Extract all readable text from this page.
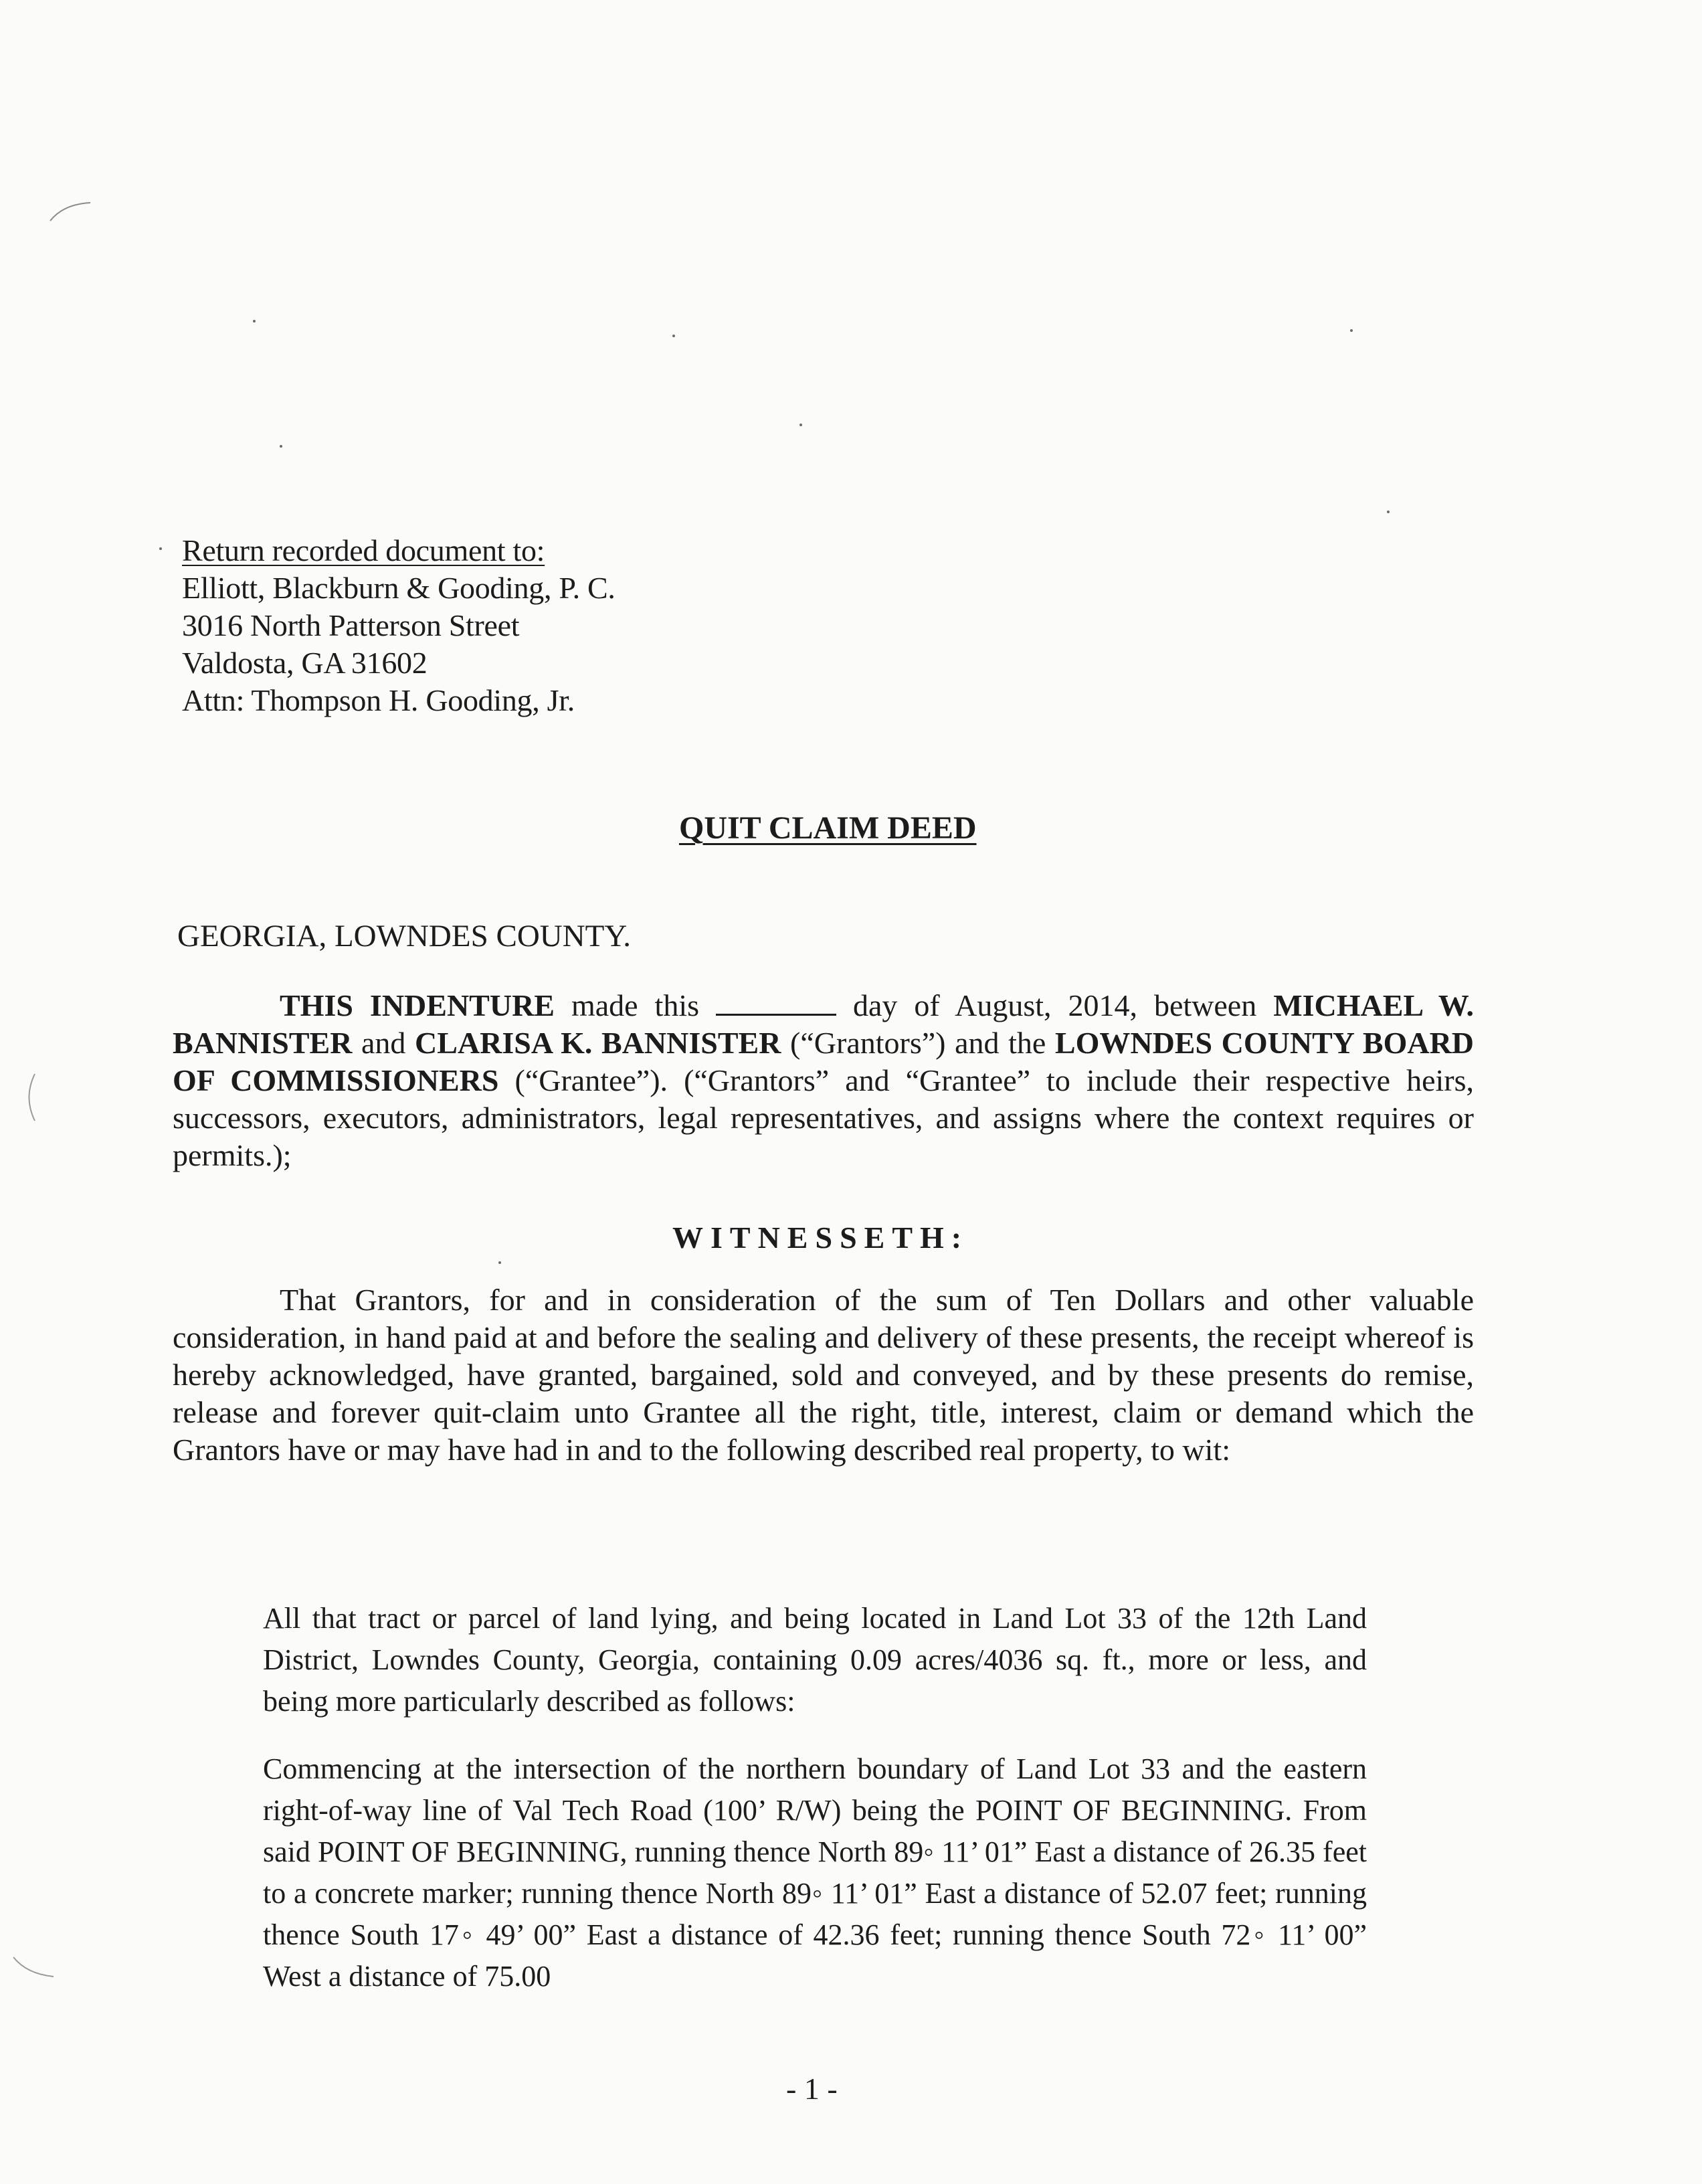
Return recorded document to:
Elliott, Blackburn & Gooding, P. C.
3016 North Patterson Street
Valdosta, GA 31602
Attn: Thompson H. Gooding, Jr.
QUIT CLAIM DEED
GEORGIA, LOWNDES COUNTY.
THIS INDENTURE made this	day of August, 2014, between MICHAEL W. BANNISTER and CLARISA K. BANNISTER (“Grantors”) and the LOWNDES COUNTY BOARD OF COMMISSIONERS (“Grantee”). (“Grantors” and “Grantee” to include their respective heirs, successors, executors, administrators, legal representatives, and assigns where the context requires or permits.);
WITNESSETH:
That Grantors, for and in consideration of the sum of Ten Dollars and other valuable consideration, in hand paid at and before the sealing and delivery of these presents, the receipt whereof is hereby acknowledged, have granted, bargained, sold and conveyed, and by these presents do remise, release and forever quit-claim unto Grantee all the right, title, interest, claim or demand which the Grantors have or may have had in and to the following described real property, to wit:
All that tract or parcel of land lying, and being located in Land Lot 33 of the 12th Land District, Lowndes County, Georgia, containing 0.09 acres/4036 sq. ft., more or less, and being more particularly described as follows:
Commencing at the intersection of the northern boundary of Land Lot 33 and the eastern right-of-way line of Val Tech Road (100’ R/W) being the POINT OF BEGINNING. From said POINT OF BEGINNING, running thence North 89◦ 11’ 01” East a distance of 26.35 feet to a concrete marker; running thence North 89◦ 11’ 01” East a distance of 52.07 feet; running thence South 17◦ 49’ 00” East a distance of 42.36 feet; running thence South 72◦ 11’ 00” West a distance of 75.00
- 1 -
